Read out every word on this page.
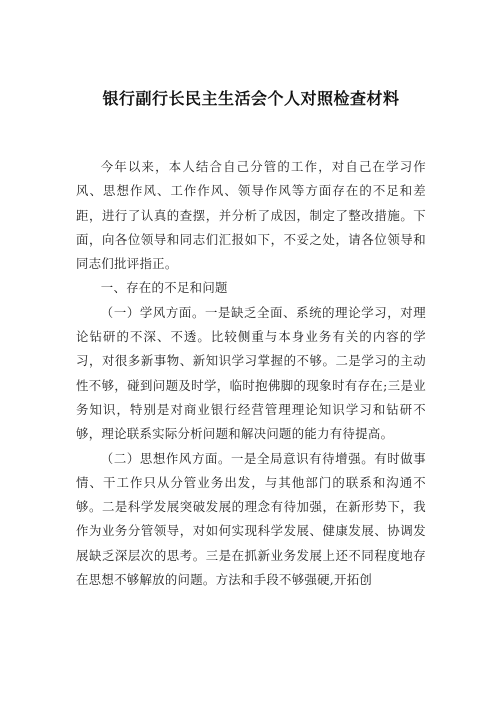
银行副行长民主生活会个人对照检查材料

今年以来，本人结合自己分管的工作，对自己在学习作风、思想作风、工作作风、领导作风等方面存在的不足和差距，进行了认真的查摆，并分析了成因，制定了整改措施。下面，向各位领导和同志们汇报如下，不妥之处，请各位领导和同志们批评指正。

一、存在的不足和问题

（一）学风方面。一是缺乏全面、系统的理论学习，对理论钻研的不深、不透。比较侧重与本身业务有关的内容的学习，对很多新事物、新知识学习掌握的不够。二是学习的主动性不够，碰到问题及时学，临时抱佛脚的现象时有存在;三是业务知识，特别是对商业银行经营管理理论知识学习和钻研不够，理论联系实际分析问题和解决问题的能力有待提高。

（二）思想作风方面。一是全局意识有待增强。有时做事情、干工作只从分管业务出发，与其他部门的联系和沟通不够。二是科学发展突破发展的理念有待加强，在新形势下，我作为业务分管领导，对如何实现科学发展、健康发展、协调发展缺乏深层次的思考。三是在抓新业务发展上还不同程度地存在思想不够解放的问题。方法和手段不够强硬,开拓创
